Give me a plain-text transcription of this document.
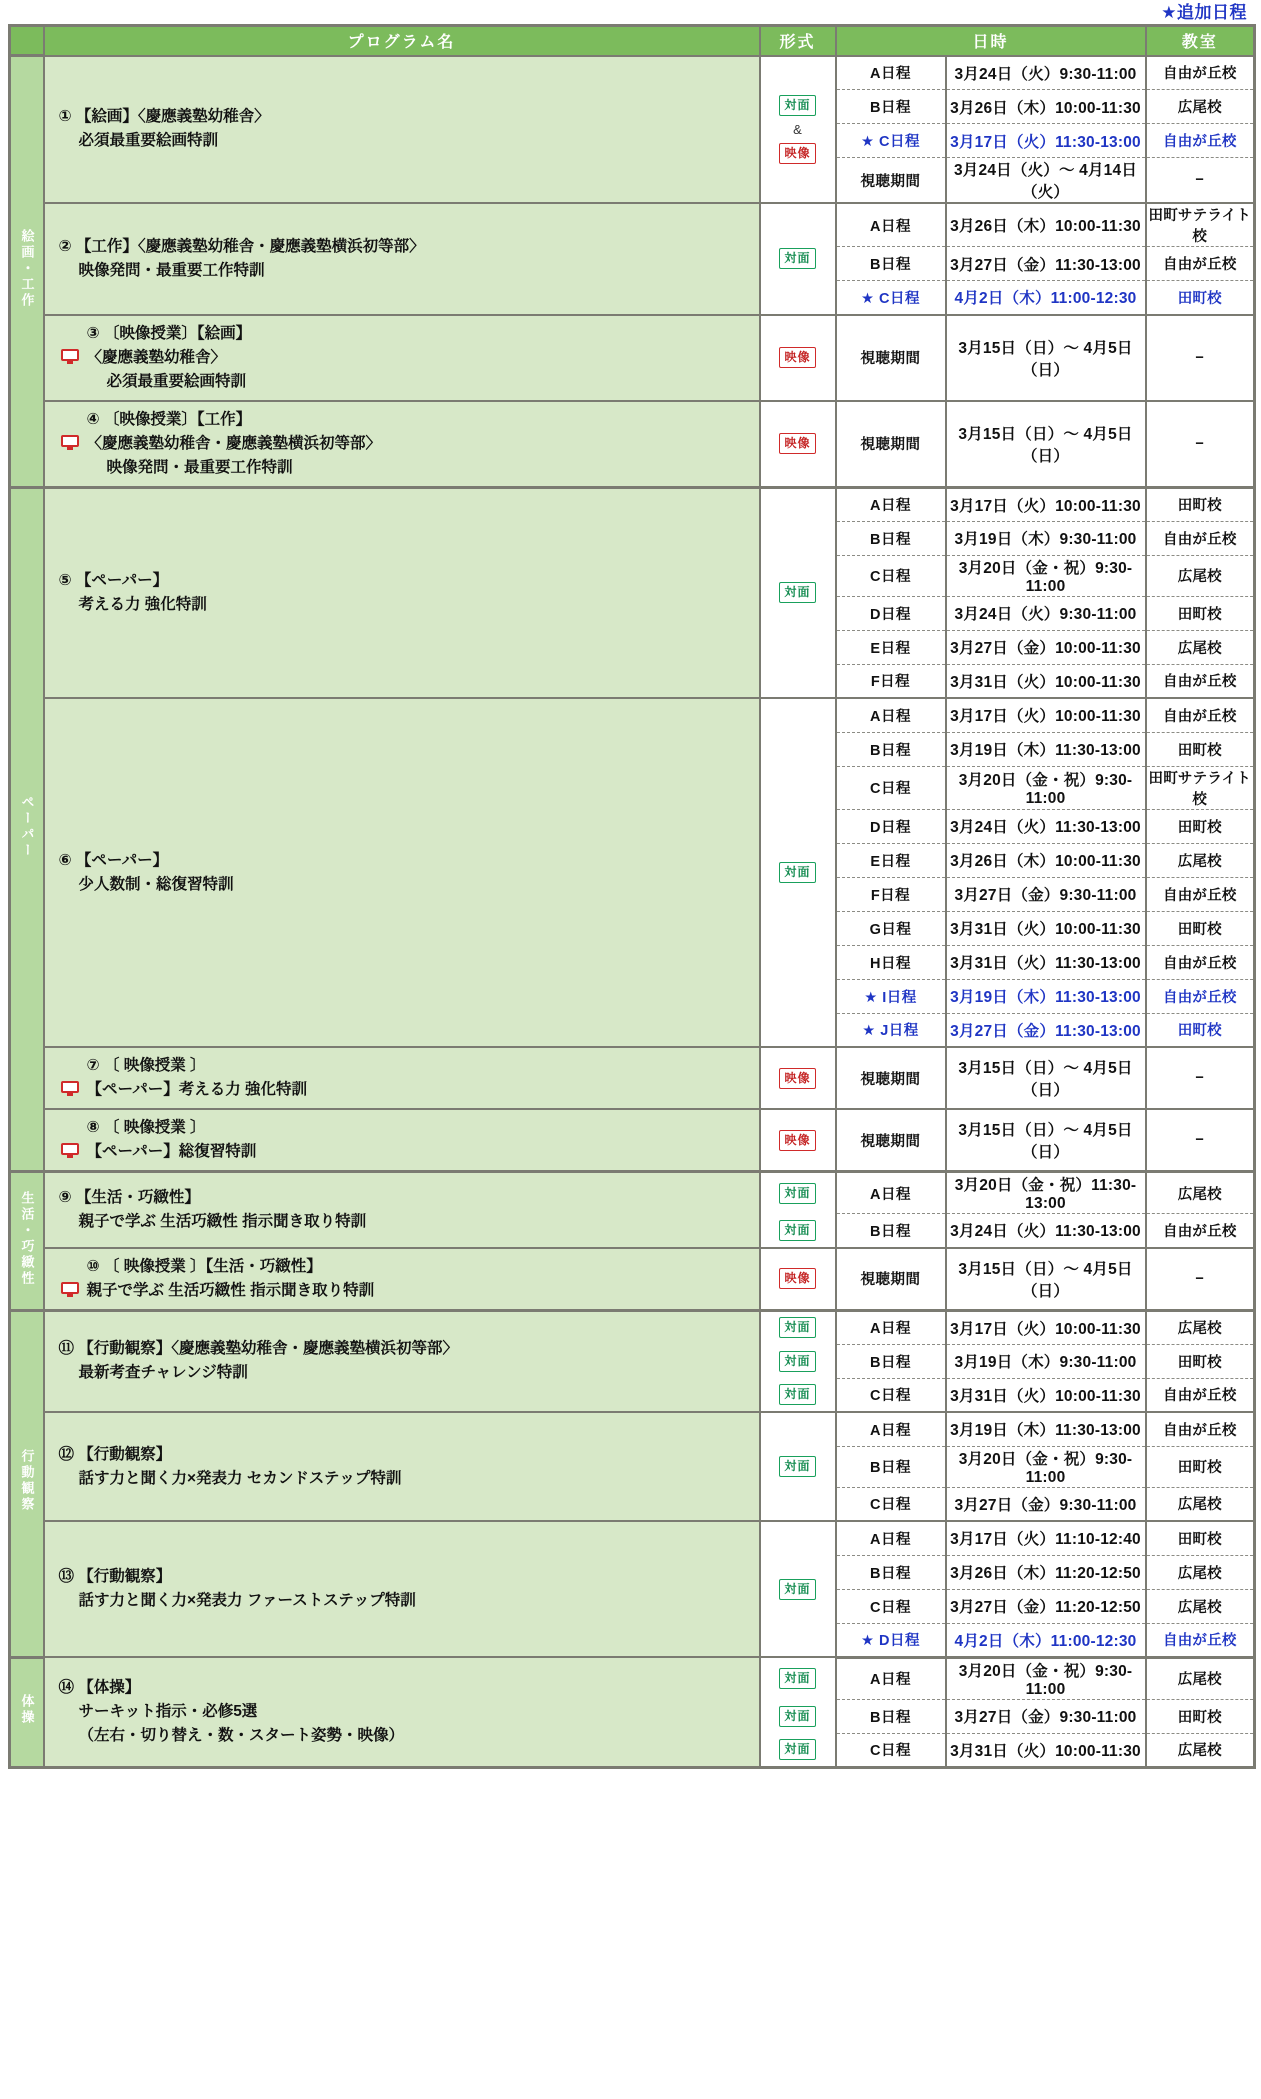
★追加日程
	プログラム名	形式	日時		教室
絵画・工作	
① 【絵画】〈慶應義塾幼稚舎〉
必須最重要絵画特訓

対面
&
映像
	A日程	3月24日（火）9:30-11:00	自由が丘校
			B日程	3月26日（木）10:00-11:30	広尾校
			★ C日程	3月17日（火）11:30-13:00	自由が丘校
			視聴期間	3月24日（火）〜 4月14日（火）	−

	② 【工作】〈慶應義塾幼稚舎・慶應義塾横浜初等部〉
映像発問・最重要工作特訓	対面	A日程	3月26日（木）10:00-11:30	田町サテライト校
			B日程	3月27日（金）11:30-13:00	自由が丘校
			★ C日程	4月2日（木）11:00-12:30	田町校

	③ 〔映像授業〕【絵画】
〈慶應義塾幼稚舎〉
必須最重要絵画特訓	映像	視聴期間	3月15日（日）〜 4月5日（日）	−

	④ 〔映像授業〕【工作】
〈慶應義塾幼稚舎・慶應義塾横浜初等部〉
映像発問・最重要工作特訓	映像	視聴期間	3月15日（日）〜 4月5日（日）	−
ペーパー	⑤ 【ペーパー】
考える力 強化特訓	対面	A日程	3月17日（火）10:00-11:30	田町校
			B日程	3月19日（木）9:30-11:00	自由が丘校
			C日程	3月20日（金・祝）9:30-11:00	広尾校
			D日程	3月24日（火）9:30-11:00	田町校
			E日程	3月27日（金）10:00-11:30	広尾校
			F日程	3月31日（火）10:00-11:30	自由が丘校

	⑥ 【ペーパー】
少人数制・総復習特訓	対面	A日程	3月17日（火）10:00-11:30	自由が丘校
			B日程	3月19日（木）11:30-13:00	田町校
			C日程	3月20日（金・祝）9:30-11:00	田町サテライト校
			D日程	3月24日（火）11:30-13:00	田町校
			E日程	3月26日（木）10:00-11:30	広尾校
			F日程	3月27日（金）9:30-11:00	自由が丘校
			G日程	3月31日（火）10:00-11:30	田町校
			H日程	3月31日（火）11:30-13:00	自由が丘校
			★ I日程	3月19日（木）11:30-13:00	自由が丘校
			★ J日程	3月27日（金）11:30-13:00	田町校

	⑦ 〔 映像授業 〕
【ペーパー】考える力 強化特訓	映像	視聴期間	3月15日（日）〜 4月5日（日）	−

	⑧ 〔 映像授業 〕
【ペーパー】総復習特訓	映像	視聴期間	3月15日（日）〜 4月5日（日）	−
生活・巧緻性	⑨ 【生活・巧緻性】
親子で学ぶ 生活巧緻性 指示聞き取り特訓	対面	A日程	3月20日（金・祝）11:30-13:00	広尾校
		対面	B日程	3月24日（火）11:30-13:00	自由が丘校

	⑩ 〔 映像授業 〕【生活・巧緻性】
親子で学ぶ 生活巧緻性 指示聞き取り特訓	映像	視聴期間	3月15日（日）〜 4月5日（日）	−
行動観察	⑪ 【行動観察】〈慶應義塾幼稚舎・慶應義塾横浜初等部〉
最新考査チャレンジ特訓	対面	A日程	3月17日（火）10:00-11:30	広尾校
		対面	B日程	3月19日（木）9:30-11:00	田町校
		対面	C日程	3月31日（火）10:00-11:30	自由が丘校

	⑫ 【行動観察】
話す力と聞く力×発表力 セカンドステップ特訓	対面	A日程	3月19日（木）11:30-13:00	自由が丘校
			B日程	3月20日（金・祝）9:30-11:00	田町校
			C日程	3月27日（金）9:30-11:00	広尾校

	⑬ 【行動観察】
話す力と聞く力×発表力 ファーストステップ特訓	対面	A日程	3月17日（火）11:10-12:40	田町校
			B日程	3月26日（木）11:20-12:50	広尾校
			C日程	3月27日（金）11:20-12:50	広尾校
			★ D日程	4月2日（木）11:00-12:30	自由が丘校
体操	⑭ 【体操】
サーキット指示・必修5選
（左右・切り替え・数・スタート姿勢・映像）	対面	A日程	3月20日（金・祝）9:30-11:00	広尾校
		対面	B日程	3月27日（金）9:30-11:00	田町校
		対面	C日程	3月31日（火）10:00-11:30	広尾校
